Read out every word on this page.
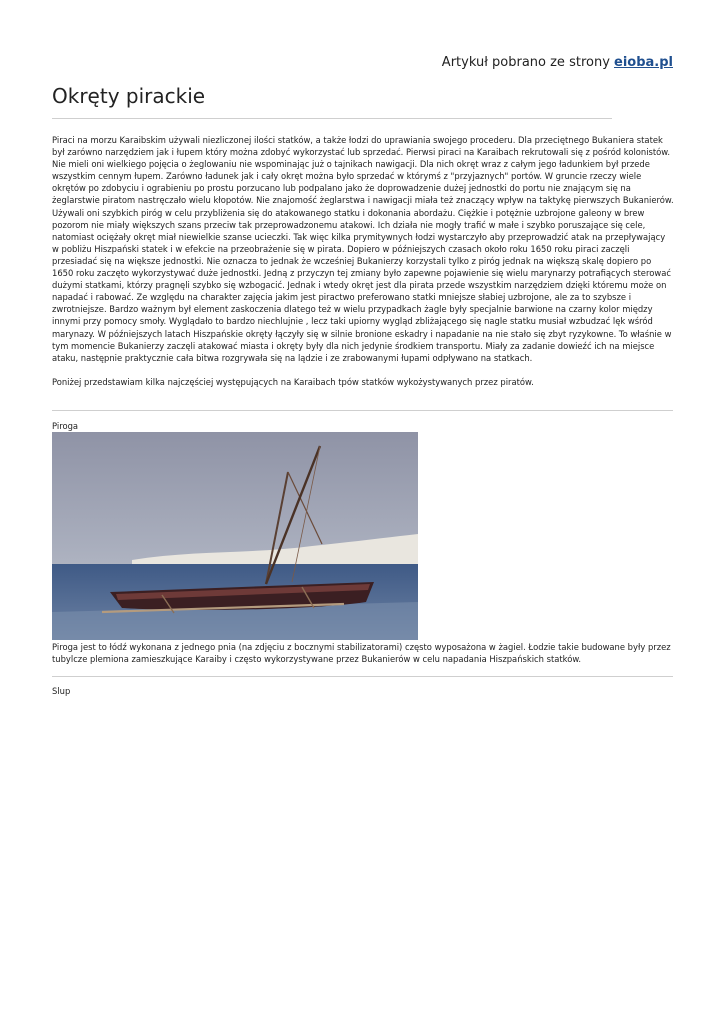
Artykuł pobrano ze strony eioba.pl
Okręty pirackie

Piraci na morzu Karaibskim używali niezliczonej ilości statków, a także łodzi do uprawiania swojego procederu. Dla przeciętnego Bukaniera statek był zarówno narzędziem jak i łupem który można zdobyć wykorzystać lub sprzedać. Pierwsi piraci na Karaibach rekrutowali się z pośród kolonistów. Nie mieli oni wielkiego pojęcia o żeglowaniu nie wspominając już o tajnikach nawigacji. Dla nich okręt wraz z całym jego ładunkiem był przede wszystkim cennym łupem. Zarówno ładunek jak i cały okręt można było sprzedać w którymś z "przyjaznych" portów. W gruncie rzeczy wiele okrętów po zdobyciu i ograbieniu po prostu porzucano lub podpalano jako że doprowadzenie dużej jednostki do portu nie znającym się na żeglarstwie piratom nastręczało wielu kłopotów. Nie znajomość żeglarstwa i nawigacji miała też znaczący wpływ na taktykę pierwszych Bukanierów. Używali oni szybkich piróg w celu przybliżenia się do atakowanego statku i dokonania abordażu. Ciężkie i potężnie uzbrojone galeony w brew pozorom nie miały większych szans przeciw tak przeprowadzonemu atakowi. Ich działa nie mogły trafić w małe i szybko poruszające się cele, natomiast ociężały okręt miał niewielkie szanse ucieczki. Tak więc kilka prymitywnych łodzi wystarczyło aby przeprowadzić atak na przepływający w pobliżu Hiszpański statek i w efekcie na przeobrażenie się w pirata. Dopiero w późniejszych czasach około roku 1650 roku piraci zaczęli przesiadać się na większe jednostki. Nie oznacza to jednak że wcześniej Bukanierzy korzystali tylko z piróg jednak na większą skalę dopiero po 1650 roku zaczęto wykorzystywać duże jednostki. Jedną z przyczyn tej zmiany było zapewne pojawienie się wielu marynarzy potrafiących sterować dużymi statkami, którzy pragnęli szybko się wzbogacić. Jednak i wtedy okręt jest dla pirata przede wszystkim narzędziem dzięki któremu może on napadać i rabować. Ze względu na charakter zajęcia jakim jest piractwo preferowano statki mniejsze słabiej uzbrojone, ale za to szybsze i zwrotniejsze. Bardzo ważnym był element zaskoczenia dlatego też w wielu przypadkach żagle były specjalnie barwione na czarny kolor między innymi przy pomocy smoły. Wyglądało to bardzo niechlujnie , lecz taki upiorny wygląd zbliżającego się nagle statku musiał wzbudzać lęk wśród marynazy. W późniejszych latach Hiszpańskie okręty łączyły się w silnie bronione eskadry i napadanie na nie stało się zbyt ryzykowne. To właśnie w tym momencie Bukanierzy zaczęli atakować miasta i okręty były dla nich jedynie środkiem transportu. Miały za zadanie dowieźć ich na miejsce ataku, następnie praktycznie cała bitwa rozgrywała się na lądzie i ze zrabowanymi łupami odpływano na statkach.

Poniżej przedstawiam kilka najczęściej występujących na Karaibach tpów statków wykożystywanych przez piratów.

Piroga

Piroga jest to łódź wykonana z jednego pnia (na zdjęciu z bocznymi stabilizatorami) często wyposażona w żagiel. Łodzie takie budowane były przez tubylcze plemiona zamieszkujące Karaiby i często wykorzystywane przez Bukanierów w celu napadania Hiszpańskich statków.

Slup
